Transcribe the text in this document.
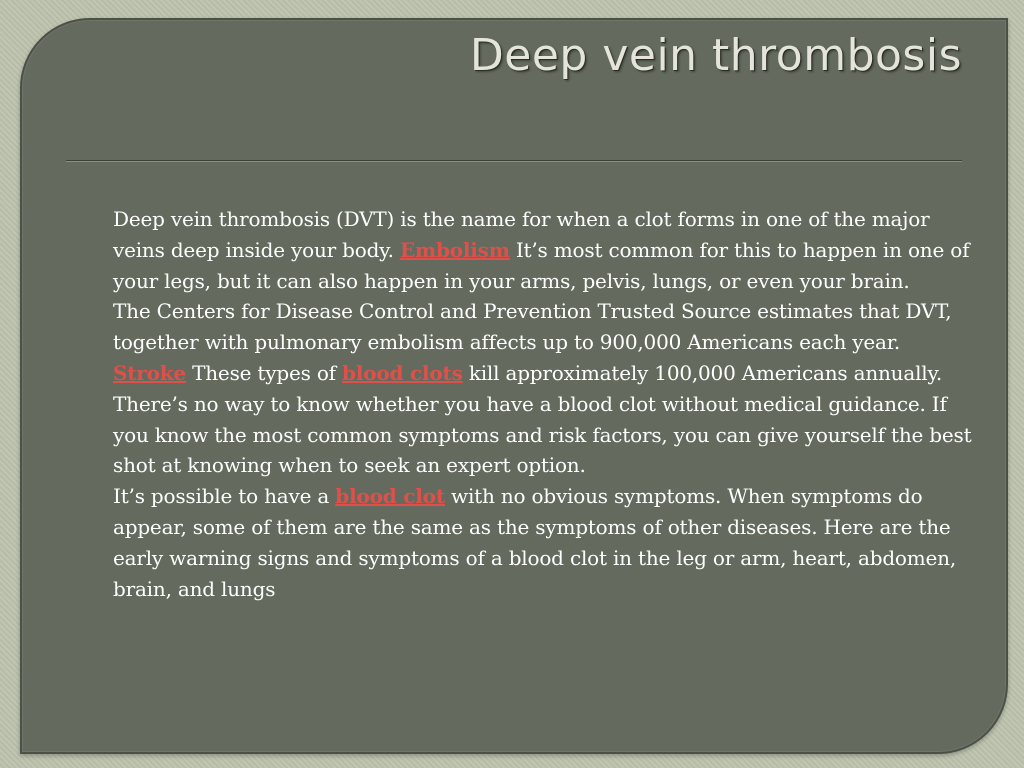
Deep vein thrombosis

Deep vein thrombosis (DVT) is the name for when a clot forms in one of the major veins deep inside your body. Embolism It’s most common for this to happen in one of your legs, but it can also happen in your arms, pelvis, lungs, or even your brain.

The Centers for Disease Control and Prevention Trusted Source estimates that DVT, together with pulmonary embolism affects up to 900,000 Americans each year. Stroke These types of blood clots kill approximately 100,000 Americans annually.

There’s no way to know whether you have a blood clot without medical guidance. If you know the most common symptoms and risk factors, you can give yourself the best shot at knowing when to seek an expert option.

It’s possible to have a blood clot with no obvious symptoms. When symptoms do appear, some of them are the same as the symptoms of other diseases. Here are the early warning signs and symptoms of a blood clot in the leg or arm, heart, abdomen, brain, and lungs
